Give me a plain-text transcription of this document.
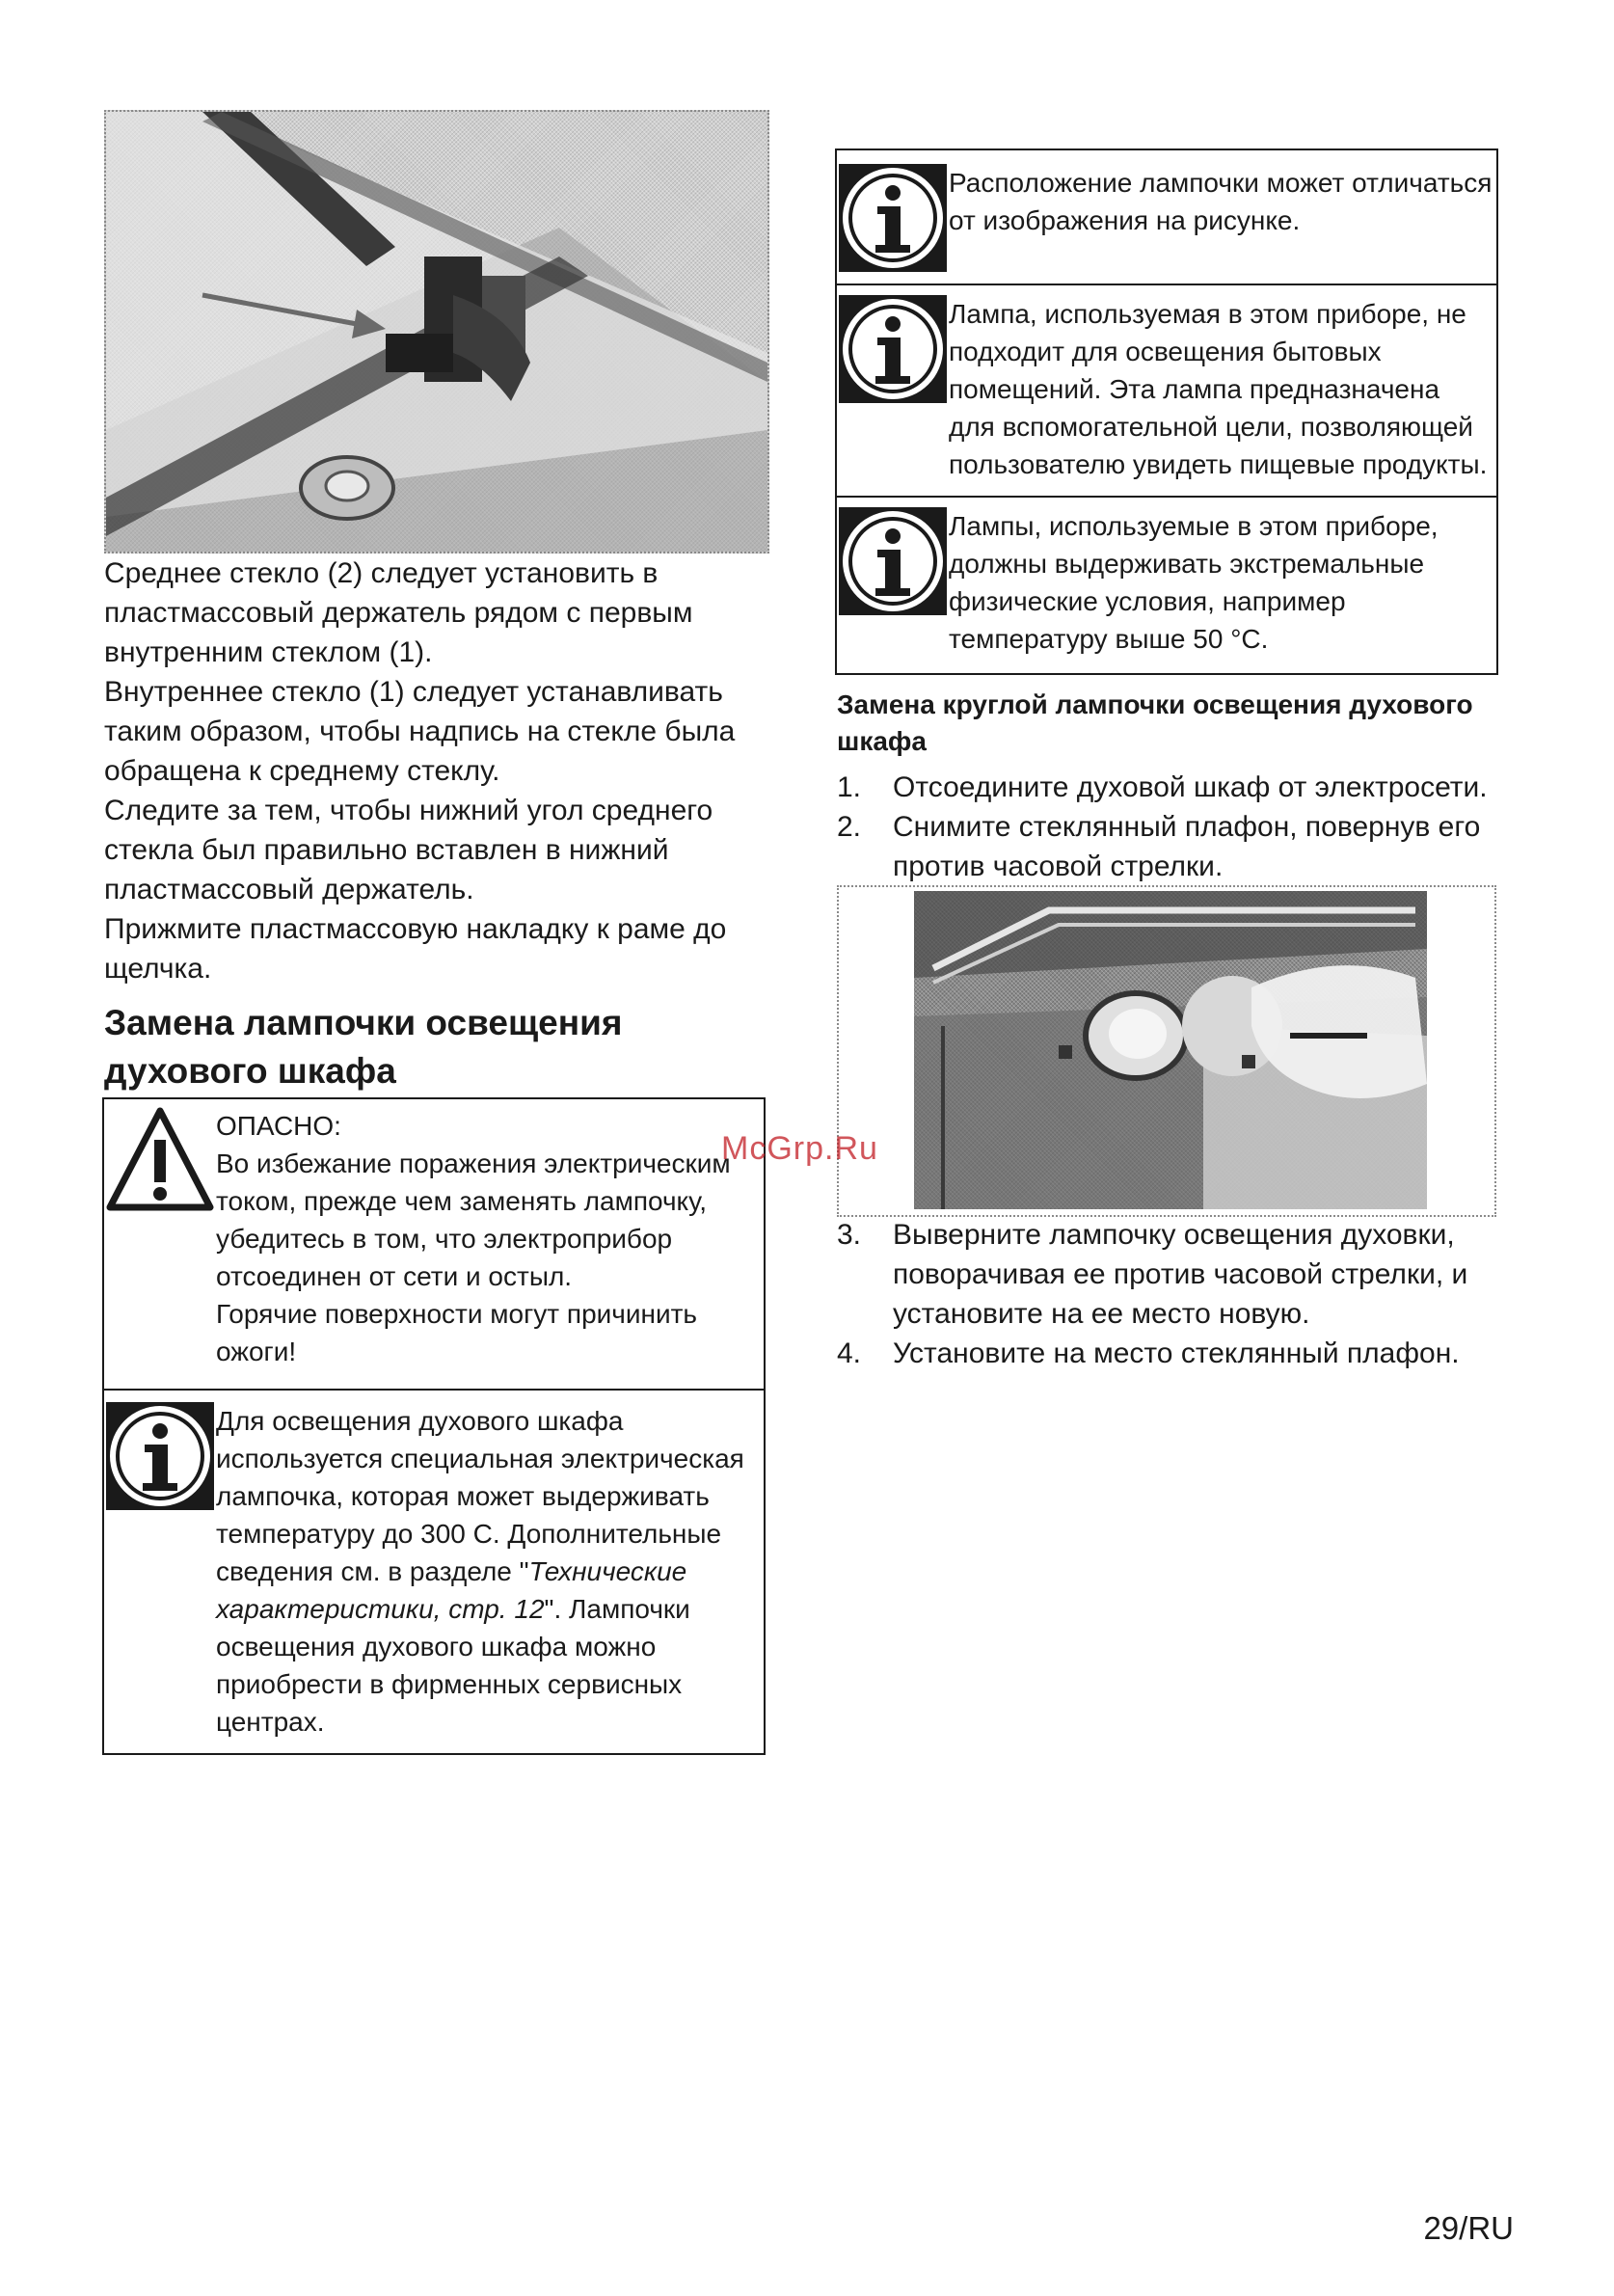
Среднее стекло (2) следует установить в пластмассовый держатель рядом с первым внутренним стеклом (1).

Внутреннее стекло (1) следует устанавливать таким образом, чтобы надпись на стекле была обращена к среднему стеклу.

Следите за тем, чтобы нижний угол среднего стекла был правильно вставлен в нижний пластмассовый держатель.

Прижмите пластмассовую накладку к раме до щелчка.

Замена лампочки освещения духового шкафа

ОПАСНО:

Во избежание поражения электрическим током, прежде чем заменять лампочку, убедитесь в том, что электроприбор отсоединен от сети и остыл.

Горячие поверхности могут причинить ожоги!

Для освещения духового шкафа используется специальная электрическая лампочка, которая может выдерживать температуру до 300 С. Дополнительные сведения см. в разделе "Технические характеристики, стр. 12". Лампочки освещения духового шкафа можно приобрести в фирменных сервисных центрах.

Расположение лампочки может отличаться от изображения на рисунке.

Лампа, используемая в этом приборе, не подходит для освещения бытовых помещений. Эта лампа предназначена для вспомогательной цели, позволяющей пользователю увидеть пищевые продукты.

Лампы, используемые в этом приборе, должны выдерживать экстремальные физические условия, например температуру выше 50 °C.

Замена круглой лампочки освещения духового шкафа
1. Отсоедините духовой шкаф от электросети.
2. Снимите стеклянный плафон, повернув его против часовой стрелки.
McGrp.Ru
3. Выверните лампочку освещения духовки, поворачивая ее против часовой стрелки, и установите на ее место новую.
4. Установите на место стеклянный плафон.
29/RU
